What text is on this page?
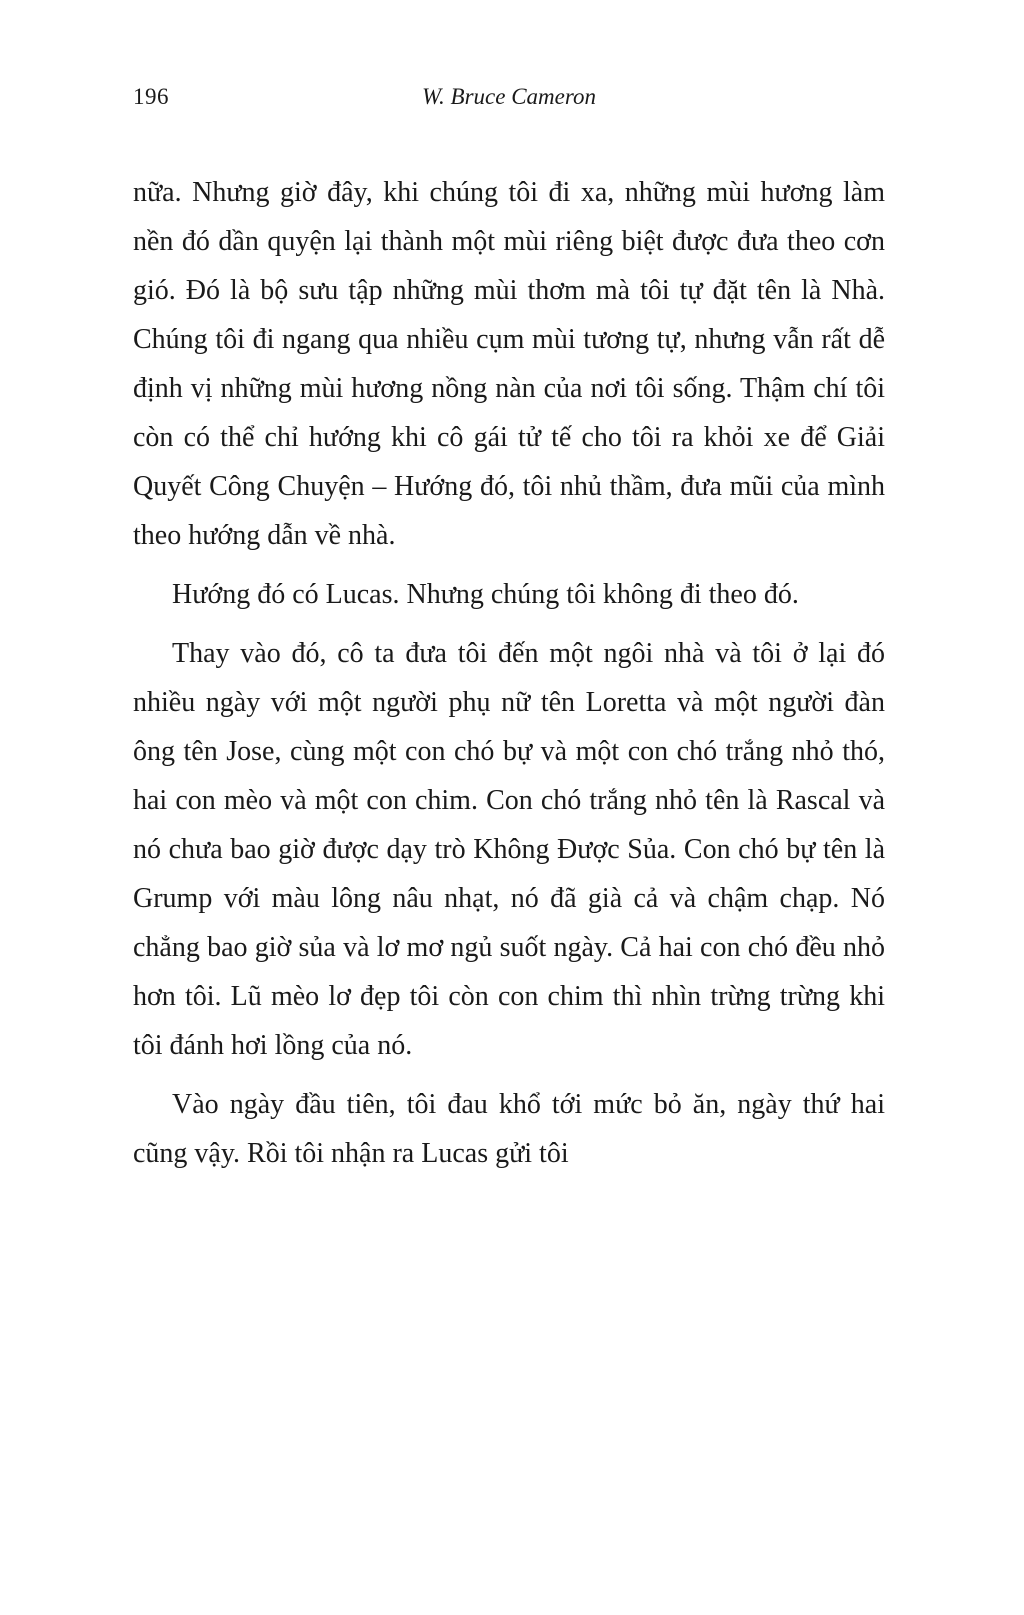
196	W. Bruce Cameron

nữa. Nhưng giờ đây, khi chúng tôi đi xa, những mùi hương làm nền đó dần quyện lại thành một mùi riêng biệt được đưa theo cơn gió. Đó là bộ sưu tập những mùi thơm mà tôi tự đặt tên là Nhà. Chúng tôi đi ngang qua nhiều cụm mùi tương tự, nhưng vẫn rất dễ định vị những mùi hương nồng nàn của nơi tôi sống. Thậm chí tôi còn có thể chỉ hướng khi cô gái tử tế cho tôi ra khỏi xe để Giải Quyết Công Chuyện – Hướng đó, tôi nhủ thầm, đưa mũi của mình theo hướng dẫn về nhà.

Hướng đó có Lucas. Nhưng chúng tôi không đi theo đó.

Thay vào đó, cô ta đưa tôi đến một ngôi nhà và tôi ở lại đó nhiều ngày với một người phụ nữ tên Loretta và một người đàn ông tên Jose, cùng một con chó bự và một con chó trắng nhỏ thó, hai con mèo và một con chim. Con chó trắng nhỏ tên là Rascal và nó chưa bao giờ được dạy trò Không Được Sủa. Con chó bự tên là Grump với màu lông nâu nhạt, nó đã già cả và chậm chạp. Nó chẳng bao giờ sủa và lơ mơ ngủ suốt ngày. Cả hai con chó đều nhỏ hơn tôi. Lũ mèo lơ đẹp tôi còn con chim thì nhìn trừng trừng khi tôi đánh hơi lồng của nó.

Vào ngày đầu tiên, tôi đau khổ tới mức bỏ ăn, ngày thứ hai cũng vậy. Rồi tôi nhận ra Lucas gửi tôi
